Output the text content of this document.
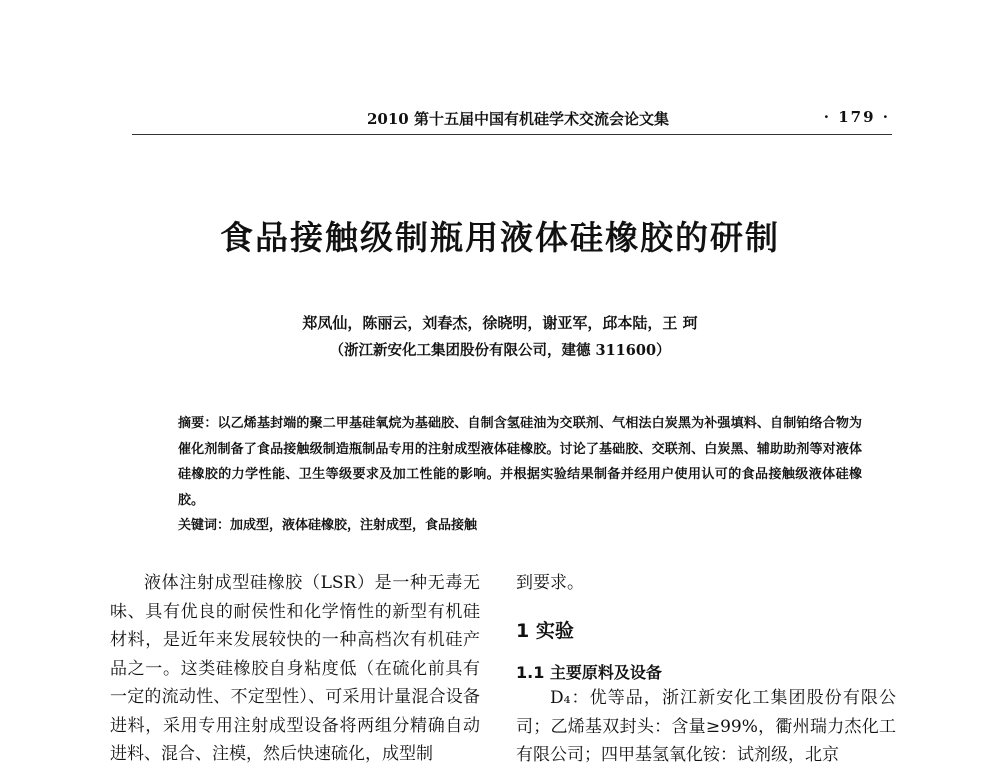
2010 第十五届中国有机硅学术交流会论文集	· 179 ·
食品接触级制瓶用液体硅橡胶的研制
郑凤仙，陈丽云，刘春杰，徐晓明，谢亚军，邱本陆，王 珂
（浙江新安化工集团股份有限公司，建德 311600）
摘要：以乙烯基封端的聚二甲基硅氧烷为基础胶、自制含氢硅油为交联剂、气相法白炭黑为补强填料、自制铂络合物为催化剂制备了食品接触级制造瓶制品专用的注射成型液体硅橡胶。讨论了基础胶、交联剂、白炭黑、辅助助剂等对液体硅橡胶的力学性能、卫生等级要求及加工性能的影响。并根据实验结果制备并经用户使用认可的食品接触级液体硅橡胶。
关键词：加成型，液体硅橡胶，注射成型，食品接触

液体注射成型硅橡胶（LSR）是一种无毒无味、具有优良的耐侯性和化学惰性的新型有机硅材料，是近年来发展较快的一种高档次有机硅产品之一。这类硅橡胶自身粘度低（在硫化前具有一定的流动性、不定型性）、可采用计量混合设备进料，采用专用注射成型设备将两组分精确自动进料、混合、注模，然后快速硫化，成型制

到要求。

1 实验
1.1 主要原料及设备

D₄：优等品，浙江新安化工集团股份有限公司；乙烯基双封头：含量≥99%，衢州瑞力杰化工有限公司；四甲基氢氧化铵：试剂级，北京
